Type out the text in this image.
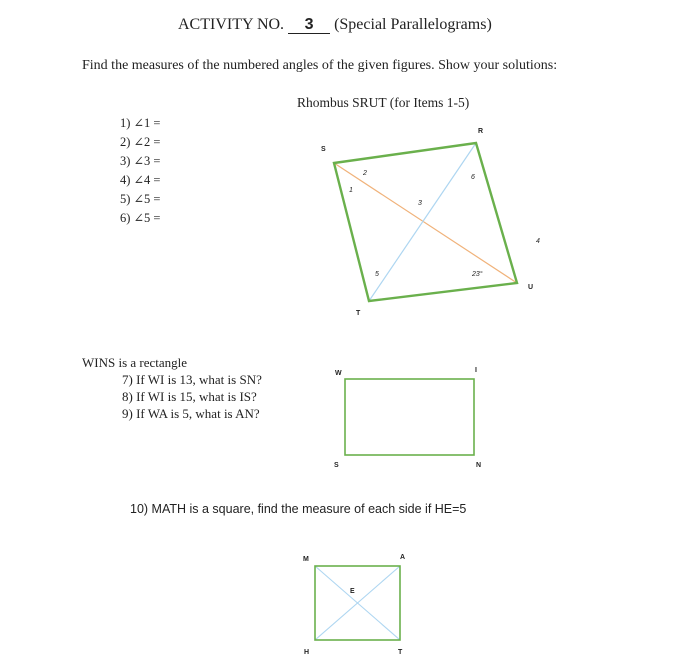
ACTIVITY NO. 3 (Special Parallelograms)
Find the measures of the numbered angles of the given figures. Show your solutions:
Rhombus SRUT (for Items 1-5)
1) ∠1 =
2) ∠2 =
3) ∠3 =
4) ∠4 =
5) ∠5 =
6) ∠5 =
WINS is a rectangle
7) If WI is 13, what is SN?
8) If WI is 15, what is IS?
9) If WA is 5, what is AN?
10) MATH is a square, find the measure of each side if HE=5
S
R
U
T
1
2
3
4
5
6
23°
W	I
S	N
M	A
H	T
E
